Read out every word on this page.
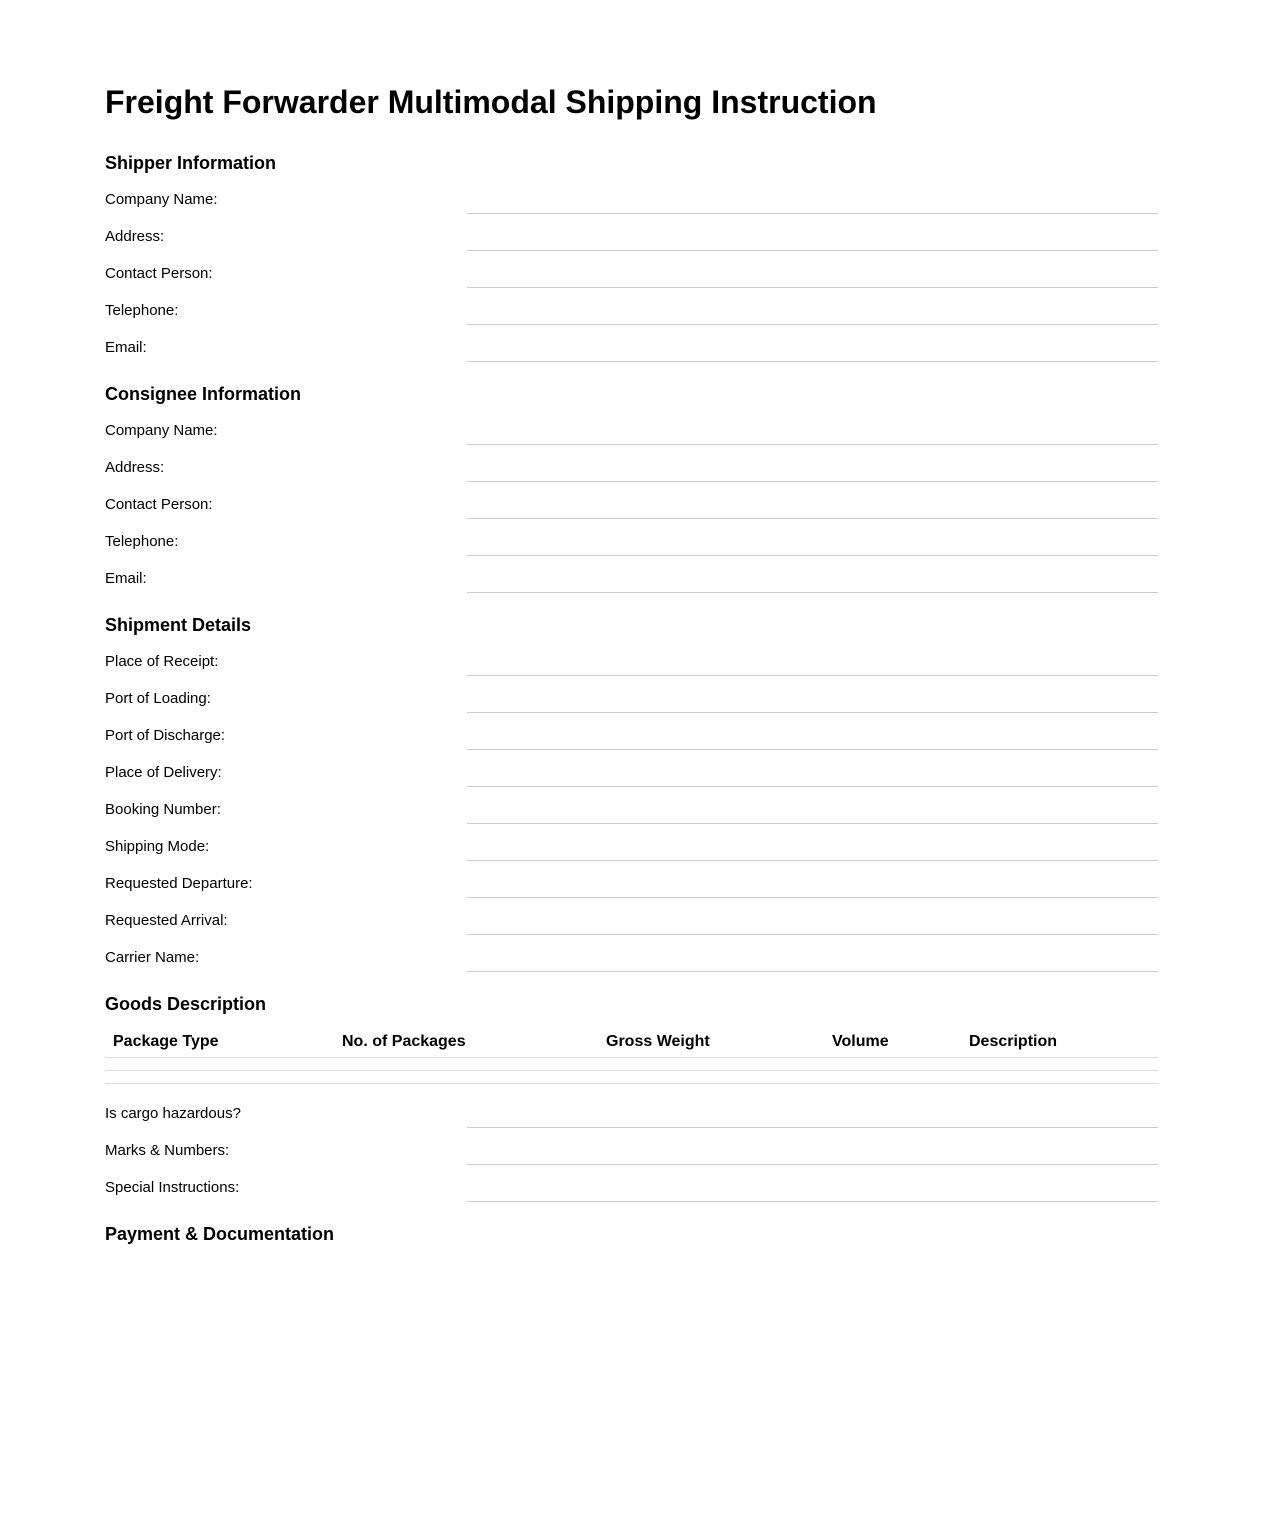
Freight Forwarder Multimodal Shipping Instruction
Shipper Information
Company Name:
Address:
Contact Person:
Telephone:
Email:
Consignee Information
Company Name:
Address:
Contact Person:
Telephone:
Email:
Shipment Details
Place of Receipt:
Port of Loading:
Port of Discharge:
Place of Delivery:
Booking Number:
Shipping Mode:
Requested Departure:
Requested Arrival:
Carrier Name:
Goods Description
Package Type	No. of Packages	Gross Weight	Volume	Description

Is cargo hazardous?
Marks & Numbers:
Special Instructions:
Payment & Documentation
